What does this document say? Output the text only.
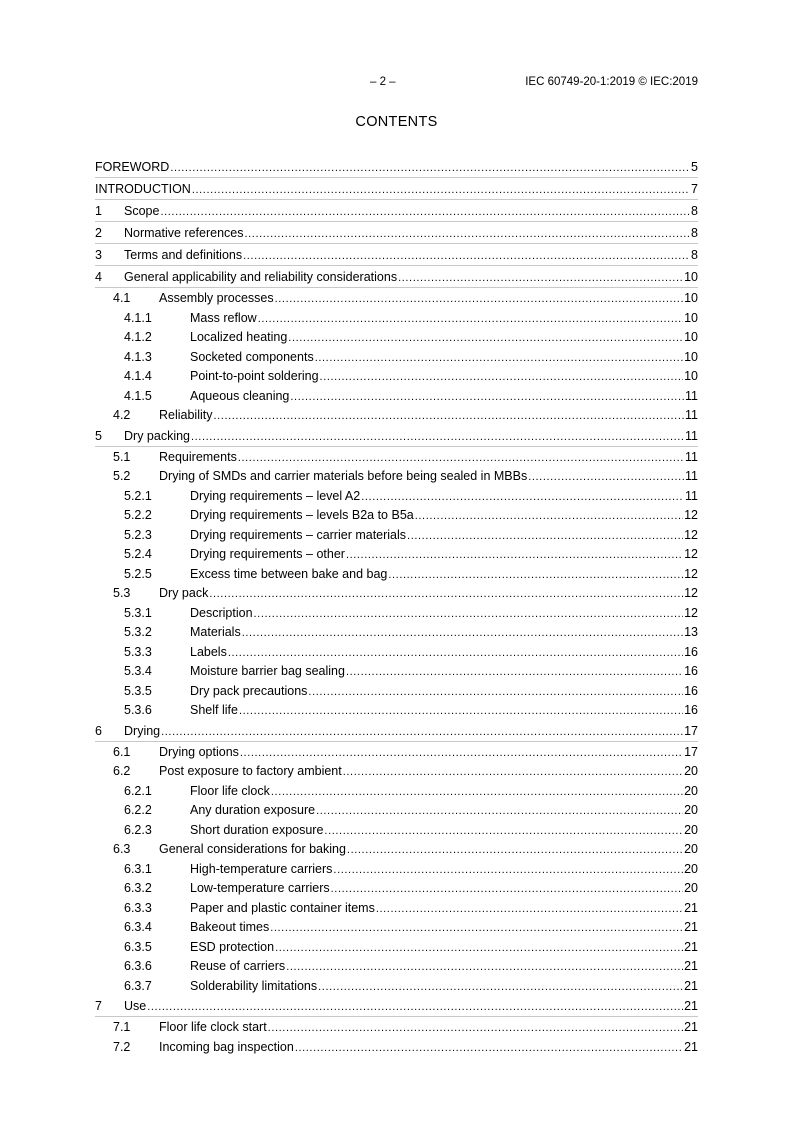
– 2 –	IEC 60749-20-1:2019 © IEC:2019
CONTENTS
FOREWORD .....	5
INTRODUCTION .....	7
1	Scope .....	8
2	Normative references .....	8
3	Terms and definitions .....	8
4	General applicability and reliability considerations .....	10
4.1	Assembly processes .....	10
4.1.1	Mass reflow .....	10
4.1.2	Localized heating .....	10
4.1.3	Socketed components .....	10
4.1.4	Point-to-point soldering .....	10
4.1.5	Aqueous cleaning .....	11
4.2	Reliability .....	11
5	Dry packing .....	11
5.1	Requirements .....	11
5.2	Drying of SMDs and carrier materials before being sealed in MBBs .....	11
5.2.1	Drying requirements – level A2 .....	11
5.2.2	Drying requirements – levels B2a to B5a .....	12
5.2.3	Drying requirements – carrier materials .....	12
5.2.4	Drying requirements – other .....	12
5.2.5	Excess time between bake and bag .....	12
5.3	Dry pack .....	12
5.3.1	Description .....	12
5.3.2	Materials .....	13
5.3.3	Labels .....	16
5.3.4	Moisture barrier bag sealing .....	16
5.3.5	Dry pack precautions .....	16
5.3.6	Shelf life .....	16
6	Drying .....	17
6.1	Drying options .....	17
6.2	Post exposure to factory ambient .....	20
6.2.1	Floor life clock .....	20
6.2.2	Any duration exposure .....	20
6.2.3	Short duration exposure .....	20
6.3	General considerations for baking .....	20
6.3.1	High-temperature carriers .....	20
6.3.2	Low-temperature carriers .....	20
6.3.3	Paper and plastic container items .....	21
6.3.4	Bakeout times .....	21
6.3.5	ESD protection .....	21
6.3.6	Reuse of carriers .....	21
6.3.7	Solderability limitations .....	21
7	Use .....	21
7.1	Floor life clock start .....	21
7.2	Incoming bag inspection .....	21
